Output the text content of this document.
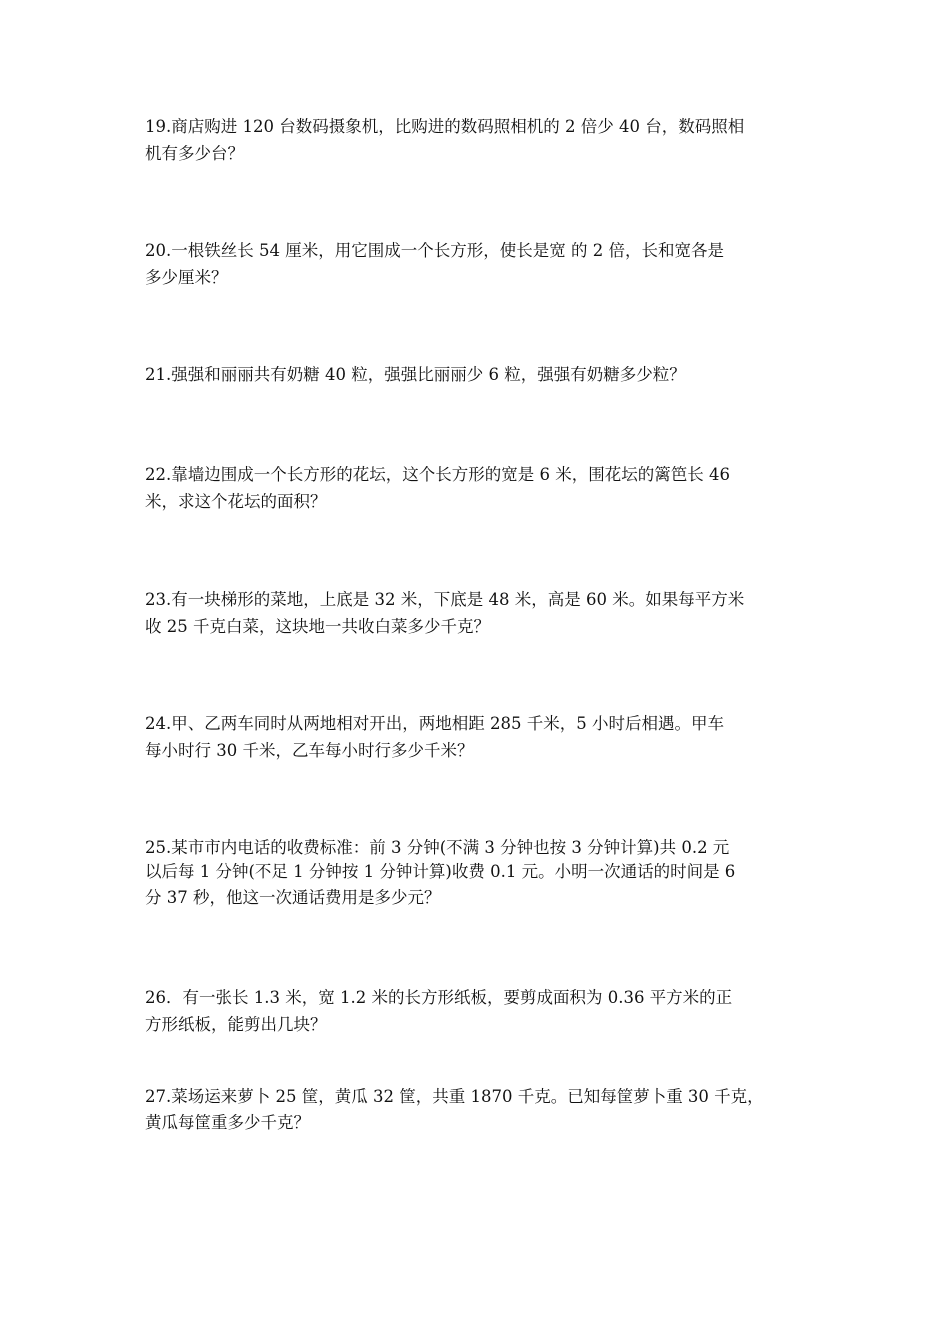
19.商店购进 120 台数码摄象机，比购进的数码照相机的 2 倍少 40 台，数码照相
机有多少台？
20.一根铁丝长 54 厘米，用它围成一个长方形，使长是宽 的 2 倍，长和宽各是
多少厘米？
21.强强和丽丽共有奶糖 40 粒，强强比丽丽少 6 粒，强强有奶糖多少粒？
22.靠墙边围成一个长方形的花坛，这个长方形的宽是 6 米，围花坛的篱笆长 46
米，求这个花坛的面积？
23.有一块梯形的菜地，上底是 32 米，下底是 48 米，高是 60 米。如果每平方米
收 25 千克白菜，这块地一共收白菜多少千克？
24.甲、乙两车同时从两地相对开出，两地相距 285 千米，5 小时后相遇。甲车
每小时行 30 千米，乙车每小时行多少千米？
25.某市市内电话的收费标准：前 3 分钟(不满 3 分钟也按 3 分钟计算)共 0.2 元
以后每 1 分钟(不足 1 分钟按 1 分钟计算)收费 0.1 元。小明一次通话的时间是 6
分 37 秒，他这一次通话费用是多少元？
26．有一张长 1.3 米，宽 1.2 米的长方形纸板，要剪成面积为 0.36 平方米的正
方形纸板，能剪出几块？
27.菜场运来萝卜 25 筐，黄瓜 32 筐，共重 1870 千克。已知每筐萝卜重 30 千克，
黄瓜每筐重多少千克？
